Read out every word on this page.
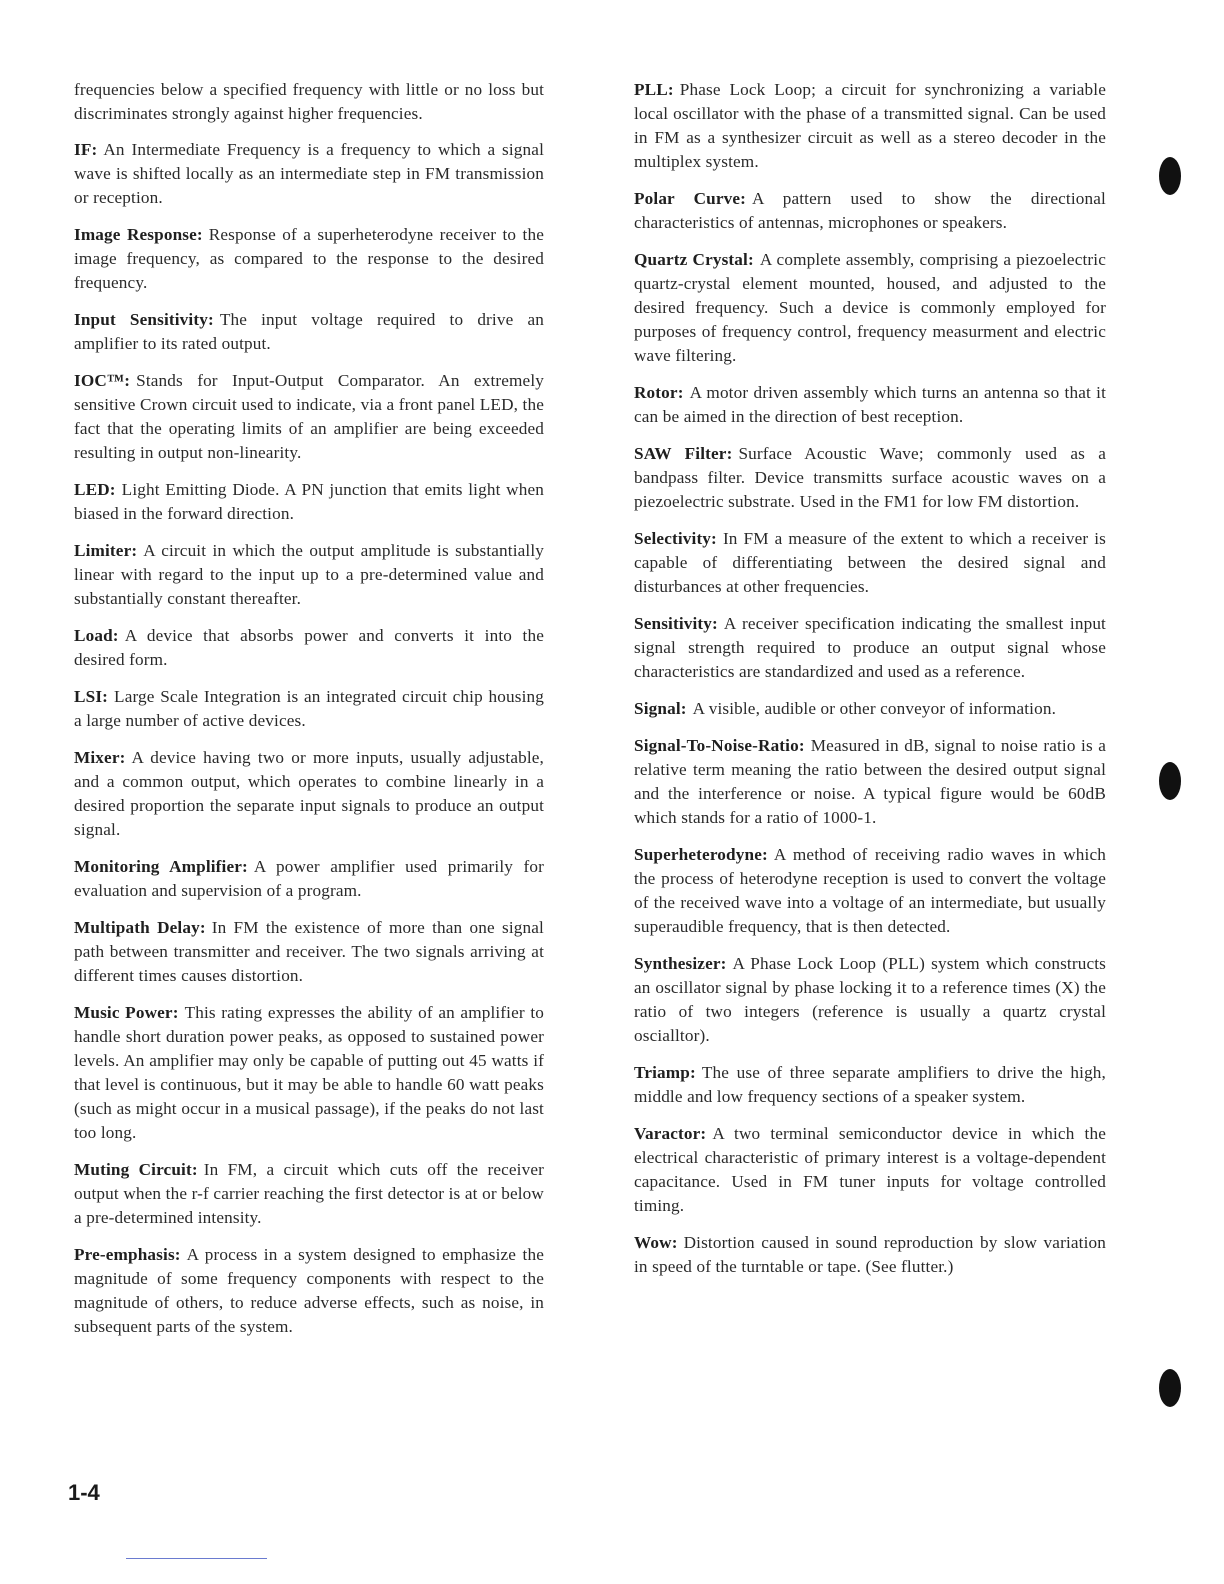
frequencies below a specified frequency with little or no loss but discriminates strongly against higher frequencies.

IF: An Intermediate Frequency is a frequency to which a signal wave is shifted locally as an intermediate step in FM transmission or reception.

Image Response: Response of a superheterodyne receiver to the image frequency, as compared to the response to the desired frequency.

Input Sensitivity: The input voltage required to drive an amplifier to its rated output.

IOC™: Stands for Input-Output Comparator. An extremely sensitive Crown circuit used to indicate, via a front panel LED, the fact that the operating limits of an amplifier are being exceeded resulting in output non-linearity.

LED: Light Emitting Diode. A PN junction that emits light when biased in the forward direction.

Limiter: A circuit in which the output amplitude is substantially linear with regard to the input up to a pre-determined value and substantially constant thereafter.

Load: A device that absorbs power and converts it into the desired form.

LSI: Large Scale Integration is an integrated circuit chip housing a large number of active devices.

Mixer: A device having two or more inputs, usually adjustable, and a common output, which operates to combine linearly in a desired proportion the separate input signals to produce an output signal.

Monitoring Amplifier: A power amplifier used primarily for evaluation and supervision of a program.

Multipath Delay: In FM the existence of more than one signal path between transmitter and receiver. The two signals arriving at different times causes distortion.

Music Power: This rating expresses the ability of an amplifier to handle short duration power peaks, as opposed to sustained power levels. An amplifier may only be capable of putting out 45 watts if that level is continuous, but it may be able to handle 60 watt peaks (such as might occur in a musical passage), if the peaks do not last too long.

Muting Circuit: In FM, a circuit which cuts off the receiver output when the r-f carrier reaching the first detector is at or below a pre-determined intensity.

Pre-emphasis: A process in a system designed to emphasize the magnitude of some frequency components with respect to the magnitude of others, to reduce adverse effects, such as noise, in subsequent parts of the system.

PLL: Phase Lock Loop; a circuit for synchronizing a variable local oscillator with the phase of a transmitted signal. Can be used in FM as a synthesizer circuit as well as a stereo decoder in the multiplex system.

Polar Curve: A pattern used to show the directional characteristics of antennas, microphones or speakers.

Quartz Crystal: A complete assembly, comprising a piezoelectric quartz-crystal element mounted, housed, and adjusted to the desired frequency. Such a device is commonly employed for purposes of frequency control, frequency measurment and electric wave filtering.

Rotor: A motor driven assembly which turns an antenna so that it can be aimed in the direction of best reception.

SAW Filter: Surface Acoustic Wave; commonly used as a bandpass filter. Device transmitts surface acoustic waves on a piezoelectric substrate. Used in the FM1 for low FM distortion.

Selectivity: In FM a measure of the extent to which a receiver is capable of differentiating between the desired signal and disturbances at other frequencies.

Sensitivity: A receiver specification indicating the smallest input signal strength required to produce an output signal whose characteristics are standardized and used as a reference.

Signal: A visible, audible or other conveyor of information.

Signal-To-Noise-Ratio: Measured in dB, signal to noise ratio is a relative term meaning the ratio between the desired output signal and the interference or noise. A typical figure would be 60dB which stands for a ratio of 1000-1.

Superheterodyne: A method of receiving radio waves in which the process of heterodyne reception is used to convert the voltage of the received wave into a voltage of an intermediate, but usually superaudible frequency, that is then detected.

Synthesizer: A Phase Lock Loop (PLL) system which constructs an oscillator signal by phase locking it to a reference times (X) the ratio of two integers (reference is usually a quartz crystal oscialltor).

Triamp: The use of three separate amplifiers to drive the high, middle and low frequency sections of a speaker system.

Varactor: A two terminal semiconductor device in which the electrical characteristic of primary interest is a voltage-dependent capacitance. Used in FM tuner inputs for voltage controlled timing.

Wow: Distortion caused in sound reproduction by slow variation in speed of the turntable or tape. (See flutter.)

1-4
